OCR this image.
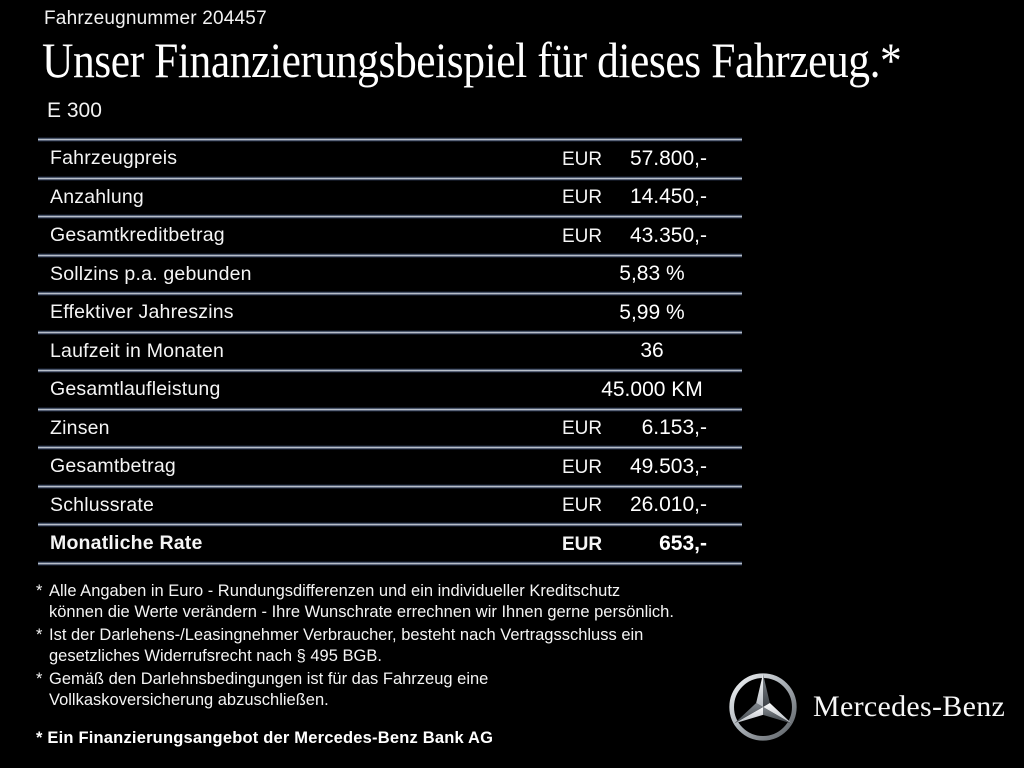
Fahrzeugnummer 204457
Unser Finanzierungsbeispiel für dieses Fahrzeug.*
E 300
Fahrzeugpreis	EUR	57.800,-
Anzahlung	EUR	14.450,-
Gesamtkreditbetrag	EUR	43.350,-
Sollzins p.a. gebunden	5,83 %
Effektiver Jahreszins	5,99 %
Laufzeit in Monaten	36
Gesamtlaufleistung	45.000 KM
Zinsen	EUR	6.153,-
Gesamtbetrag	EUR	49.503,-
Schlussrate	EUR	26.010,-
Monatliche Rate	EUR	653,-
* Alle Angaben in Euro - Rundungsdifferenzen und ein individueller Kreditschutz
können die Werte verändern - Ihre Wunschrate errechnen wir Ihnen gerne persönlich.
* Ist der Darlehens-/Leasingnehmer Verbraucher, besteht nach Vertragsschluss ein
gesetzliches Widerrufsrecht nach § 495 BGB.
* Gemäß den Darlehnsbedingungen ist für das Fahrzeug eine
Vollkaskoversicherung abzuschließen.
* Ein Finanzierungsangebot der Mercedes-Benz Bank AG
Mercedes-Benz
